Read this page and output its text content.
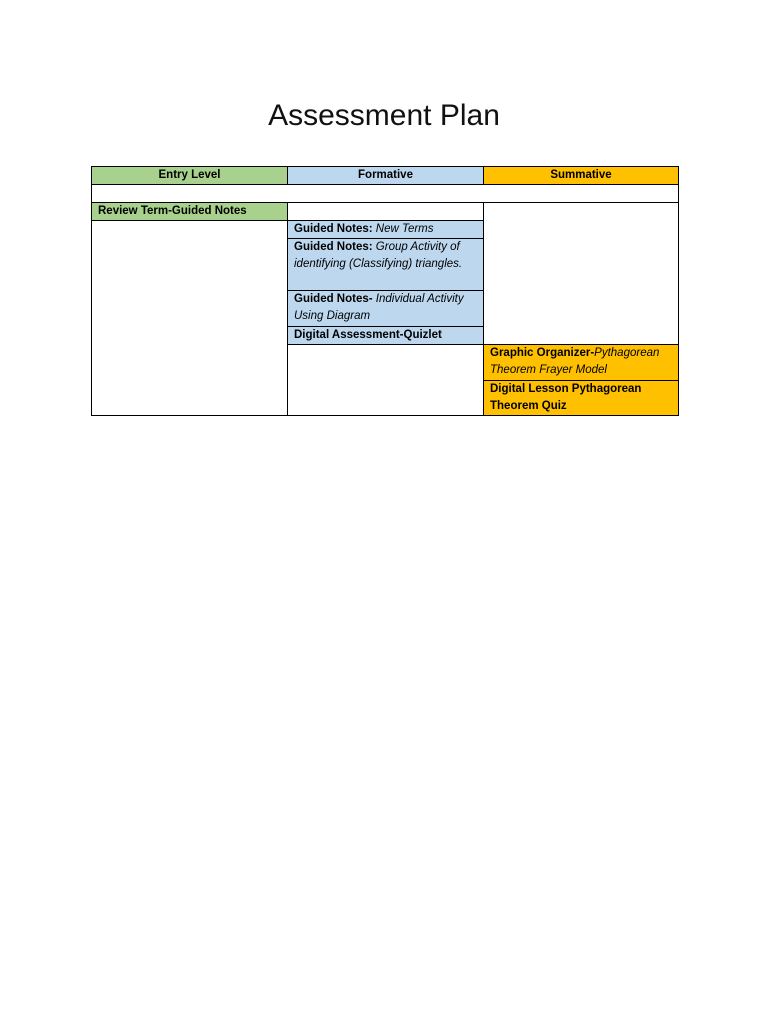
Assessment Plan
Entry Level	Formative	Summative
Review Term-Guided Notes
Guided Notes: New Terms
Guided Notes: Group Activity of identifying (Classifying) triangles.
Guided Notes- Individual Activity Using Diagram
Digital Assessment-Quizlet
Graphic Organizer-Pythagorean Theorem Frayer Model
Digital Lesson Pythagorean Theorem Quiz
